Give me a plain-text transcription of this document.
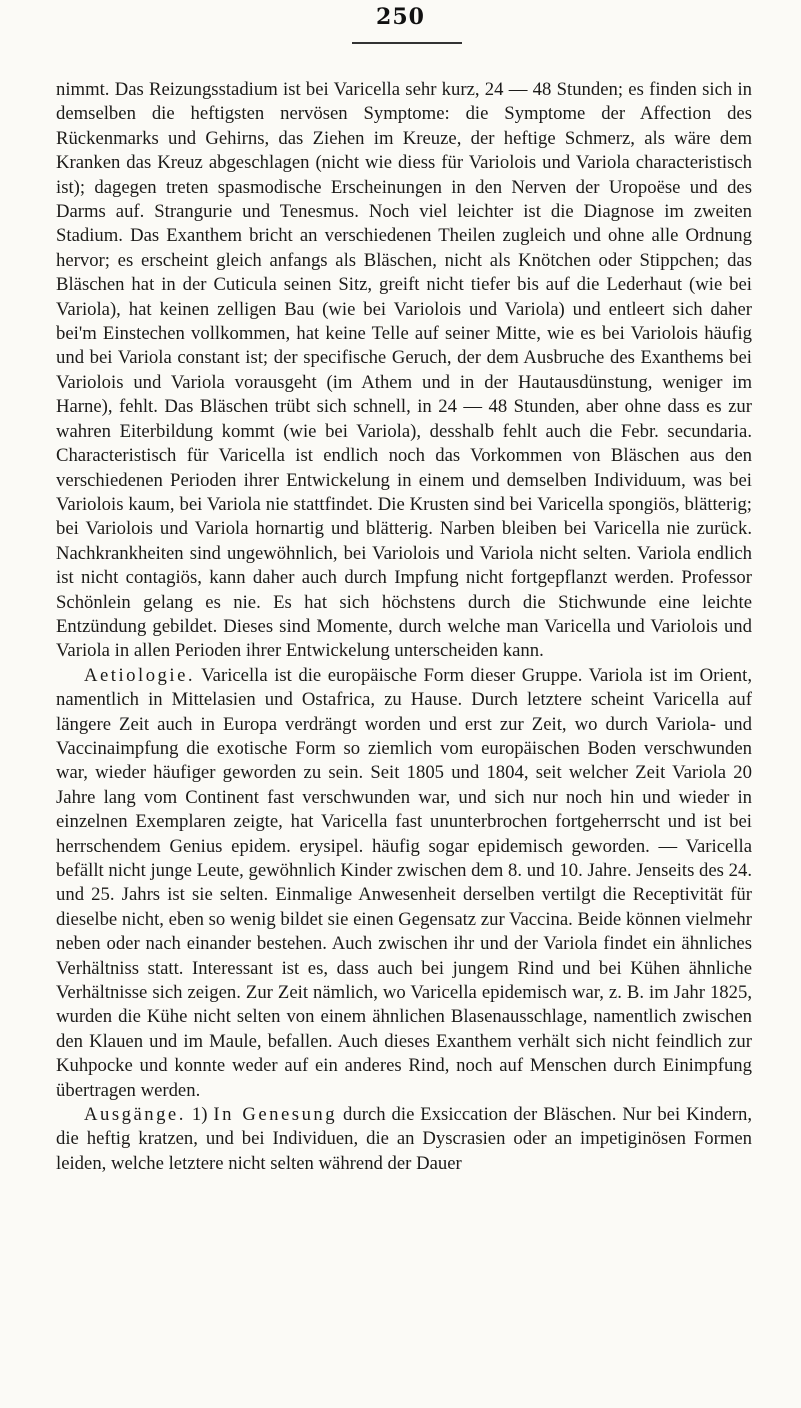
250

nimmt. Das Reizungsstadium ist bei Varicella sehr kurz, 24 — 48 Stunden; es finden sich in demselben die heftigsten nervösen Symptome: die Symptome der Affection des Rückenmarks und Gehirns, das Ziehen im Kreuze, der heftige Schmerz, als wäre dem Kranken das Kreuz abgeschlagen (nicht wie diess für Variolois und Variola characteristisch ist); dagegen treten spasmodische Erscheinungen in den Nerven der Uropoëse und des Darms auf. Strangurie und Tenesmus. Noch viel leichter ist die Diagnose im zweiten Stadium. Das Exanthem bricht an verschiedenen Theilen zugleich und ohne alle Ordnung hervor; es erscheint gleich anfangs als Bläschen, nicht als Knötchen oder Stippchen; das Bläschen hat in der Cuticula seinen Sitz, greift nicht tiefer bis auf die Lederhaut (wie bei Variola), hat keinen zelligen Bau (wie bei Variolois und Variola) und entleert sich daher bei'm Einstechen vollkommen, hat keine Telle auf seiner Mitte, wie es bei Variolois häufig und bei Variola constant ist; der specifische Geruch, der dem Ausbruche des Exanthems bei Variolois und Variola vorausgeht (im Athem und in der Hautausdünstung, weniger im Harne), fehlt. Das Bläschen trübt sich schnell, in 24 — 48 Stunden, aber ohne dass es zur wahren Eiterbildung kommt (wie bei Variola), desshalb fehlt auch die Febr. secundaria. Characteristisch für Varicella ist endlich noch das Vorkommen von Bläschen aus den verschiedenen Perioden ihrer Entwickelung in einem und demselben Individuum, was bei Variolois kaum, bei Variola nie stattfindet. Die Krusten sind bei Varicella spongiös, blätterig; bei Variolois und Variola hornartig und blätterig. Narben bleiben bei Varicella nie zurück. Nachkrankheiten sind ungewöhnlich, bei Variolois und Variola nicht selten. Variola endlich ist nicht contagiös, kann daher auch durch Impfung nicht fortgepflanzt werden. Professor Schönlein gelang es nie. Es hat sich höchstens durch die Stichwunde eine leichte Entzündung gebildet. Dieses sind Momente, durch welche man Varicella und Variolois und Variola in allen Perioden ihrer Entwickelung unterscheiden kann.

Aetiologie. Varicella ist die europäische Form dieser Gruppe. Variola ist im Orient, namentlich in Mittelasien und Ostafrica, zu Hause. Durch letztere scheint Varicella auf längere Zeit auch in Europa verdrängt worden und erst zur Zeit, wo durch Variola- und Vaccinaimpfung die exotische Form so ziemlich vom europäischen Boden verschwunden war, wieder häufiger geworden zu sein. Seit 1805 und 1804, seit welcher Zeit Variola 20 Jahre lang vom Continent fast verschwunden war, und sich nur noch hin und wieder in einzelnen Exemplaren zeigte, hat Varicella fast ununterbrochen fortgeherrscht und ist bei herrschendem Genius epidem. erysipel. häufig sogar epidemisch geworden. — Varicella befällt nicht junge Leute, gewöhnlich Kinder zwischen dem 8. und 10. Jahre. Jenseits des 24. und 25. Jahrs ist sie selten. Einmalige Anwesenheit derselben vertilgt die Receptivität für dieselbe nicht, eben so wenig bildet sie einen Gegensatz zur Vaccina. Beide können vielmehr neben oder nach einander bestehen. Auch zwischen ihr und der Variola findet ein ähnliches Verhältniss statt. Interessant ist es, dass auch bei jungem Rind und bei Kühen ähnliche Verhältnisse sich zeigen. Zur Zeit nämlich, wo Varicella epidemisch war, z. B. im Jahr 1825, wurden die Kühe nicht selten von einem ähnlichen Blasenausschlage, namentlich zwischen den Klauen und im Maule, befallen. Auch dieses Exanthem verhält sich nicht feindlich zur Kuhpocke und konnte weder auf ein anderes Rind, noch auf Menschen durch Einimpfung übertragen werden.

Ausgänge. 1) In Genesung durch die Exsiccation der Bläschen. Nur bei Kindern, die heftig kratzen, und bei Individuen, die an Dyscrasien oder an impetiginösen Formen leiden, welche letztere nicht selten während der Dauer
